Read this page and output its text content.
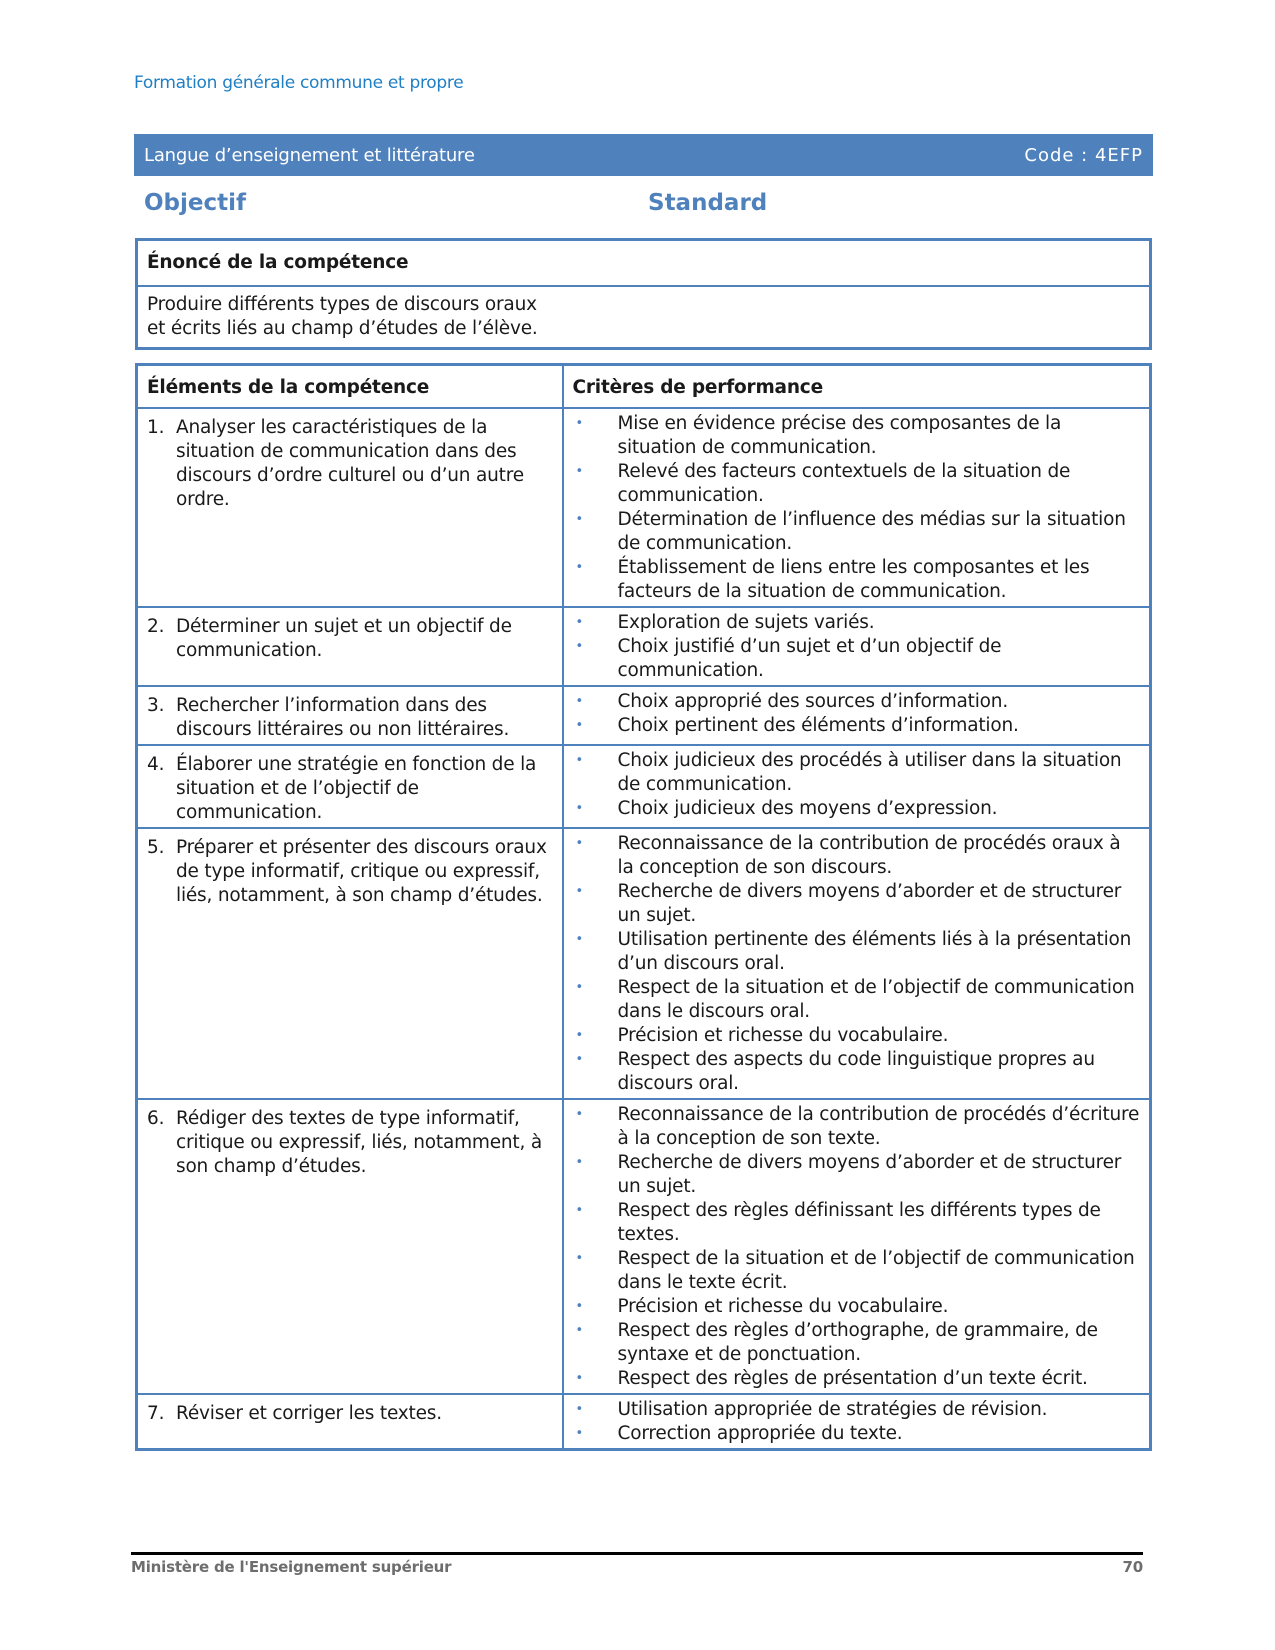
Formation générale commune et propre
Langue d’enseignement et littérature	Code : 4EFP
Objectif	Standard
Énoncé de la compétence

Produire différents types de discours oraux et écrits liés au champ d’études de l’élève.
Éléments de la compétence	Critères de performance

1. Analyser les caractéristiques de la situation de communication dans des discours d’ordre culturel ou d’un autre ordre.

•	Mise en évidence précise des composantes de la situation de communication.
•	Relevé des facteurs contextuels de la situation de communication.
•	Détermination de l’influence des médias sur la situation de communication.
•	Établissement de liens entre les composantes et les facteurs de la situation de communication.

2. Déterminer un sujet et un objectif de communication.

•	Exploration de sujets variés.
•	Choix justifié d’un sujet et d’un objectif de communication.

3. Rechercher l’information dans des discours littéraires ou non littéraires.

•	Choix approprié des sources d’information.
•	Choix pertinent des éléments d’information.

4. Élaborer une stratégie en fonction de la situation et de l’objectif de communication.

•	Choix judicieux des procédés à utiliser dans la situation de communication.
•	Choix judicieux des moyens d’expression.

5. Préparer et présenter des discours oraux de type informatif, critique ou expressif, liés, notamment, à son champ d’études.

•	Reconnaissance de la contribution de procédés oraux à la conception de son discours.
•	Recherche de divers moyens d’aborder et de structurer un sujet.
•	Utilisation pertinente des éléments liés à la présentation d’un discours oral.
•	Respect de la situation et de l’objectif de communication dans le discours oral.
•	Précision et richesse du vocabulaire.
•	Respect des aspects du code linguistique propres au discours oral.

6. Rédiger des textes de type informatif, critique ou expressif, liés, notamment, à son champ d’études.

•	Reconnaissance de la contribution de procédés d’écriture à la conception de son texte.
•	Recherche de divers moyens d’aborder et de structurer un sujet.
•	Respect des règles définissant les différents types de textes.
•	Respect de la situation et de l’objectif de communication dans le texte écrit.
•	Précision et richesse du vocabulaire.
•	Respect des règles d’orthographe, de grammaire, de syntaxe et de ponctuation.
•	Respect des règles de présentation d’un texte écrit.

7. Réviser et corriger les textes.	•	Utilisation appropriée de stratégies de révision.
•	Correction appropriée du texte.
Ministère de l'Enseignement supérieur	70
